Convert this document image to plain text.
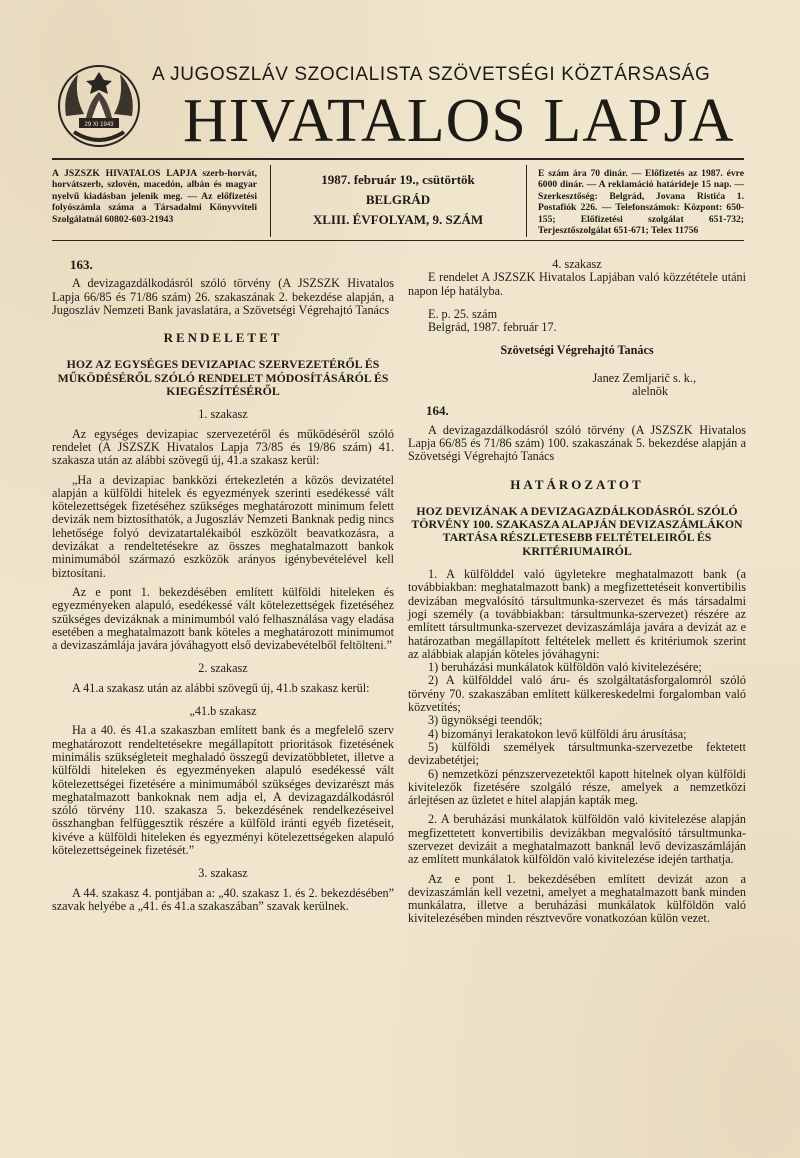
29 XI 1943
A JUGOSZLÁV SZOCIALISTA SZÖVETSÉGI KÖZTÁRSASÁG
HIVATALOS LAPJA
A JSZSZK HIVATALOS LAPJA szerb-horvát, horvátszerb, szlovén, macedón, albán és magyar nyelvű kiadásban jelenik meg. — Az előfizetési folyószámla száma a Társadalmi Könyvviteli Szolgálatnál 60802-603-21943
1987. február 19., csütörtök
BELGRÁD
XLIII. ÉVFOLYAM, 9. SZÁM
E szám ára 70 dinár. — Előfizetés az 1987. évre 6000 dinár. — A reklamáció határideje 15 nap. — Szerkesztőség: Belgrád, Jovana Ristića 1. Postafiók 226. — Telefonszámok: Központ: 650-155; Előfizetési szolgálat 651-732; Terjesztőszolgálat 651-671; Telex 11756
163.

A devizagazdálkodásról szóló törvény (A JSZSZK Hivatalos Lapja 66/85 és 71/86 szám) 26. szakaszának 2. bekezdése alapján, a Jugoszláv Nemzeti Bank javaslatára, a Szövetségi Végrehajtó Tanács

RENDELETET

HOZ AZ EGYSÉGES DEVIZAPIAC SZERVEZETÉRŐL ÉS MŰKÖDÉSÉRŐL SZÓLÓ RENDELET MÓDOSÍTÁSÁRÓL ÉS KIEGÉSZÍTÉSÉRŐL

1. szakasz

Az egységes devizapiac szervezetéről és működéséről szóló rendelet (A JSZSZK Hivatalos Lapja 73/85 és 19/86 szám) 41. szakasza után az alábbi szövegű új, 41.a szakasz kerül:

„Ha a devizapiac bankközi értekezletén a közös devizatétel alapján a külföldi hitelek és egyezmények szerinti esedékessé vált kötelezettségek fizetéséhez szükséges meghatározott minimum felett devizák nem biztosíthatók, a Jugoszláv Nemzeti Banknak pedig nincs lehetősége folyó devizatartalékaiból eszközölt beavatkozásra, a devizákat a rendeltetésekre az összes meghatalmazott bankok minimumából származó eszközök arányos igénybevételével kell biztosítani.

Az e pont 1. bekezdésében említett külföldi hiteleken és egyezményeken alapuló, esedékessé vált kötelezettségek fizetéséhez szükséges devizáknak a minimumból való felhasználása vagy eladása esetében a meghatalmazott bank köteles a meghatározott minimumot a devizaszámlája javára jóváhagyott első devizabevételből feltölteni.”

2. szakasz

A 41.a szakasz után az alábbi szövegű új, 41.b szakasz kerül:

„41.b szakasz

Ha a 40. és 41.a szakaszban említett bank és a megfelelő szerv meghatározott rendeltetésekre megállapított prioritások fizetésének minimális szükségleteit meghaladó összegű devizatöbbletet, illetve a külföldi hiteleken és egyezményeken alapuló esedékessé vált kötelezettségei fizetésére a minimumából szükséges devizarészt más meghatalmazott bankoknak nem adja el, A devizagazdálkodásról szóló törvény 110. szakasza 5. bekezdésének rendelkezéseivel összhangban felfüggesztik részére a külföld iránti egyéb fizetéseit, kivéve a külföldi hiteleken és egyezményi kötelezettségeken alapuló kötelezettségeinek fizetését.”

3. szakasz

A 44. szakasz 4. pontjában a: „40. szakasz 1. és 2. bekezdésében” szavak helyébe a „41. és 41.a szakaszában” szavak kerülnek.

4. szakasz

E rendelet A JSZSZK Hivatalos Lapjában való közzététele utáni napon lép hatályba.

E. p. 25. szám

Belgrád, 1987. február 17.

Szövetségi Végrehajtó Tanács

Janez Zemljarič s. k.,

alelnök

164.

A devizagazdálkodásról szóló törvény (A JSZSZK Hivatalos Lapja 66/85 és 71/86 szám) 100. szakaszának 5. bekezdése alapján a Szövetségi Végrehajtó Tanács

HATÁROZATOT

HOZ DEVIZÁNAK A DEVIZAGAZDÁLKODÁSRÓL SZÓLÓ TÖRVÉNY 100. SZAKASZA ALAPJÁN DEVIZASZÁMLÁKON TARTÁSA RÉSZLETESEBB FELTÉTELEIRŐL ÉS KRITÉRIUMAIRÓL

1. A külfölddel való ügyletekre meghatalmazott bank (a továbbiakban: meghatalmazott bank) a megfizettetéseit konvertibilis devizában megvalósító társultmunka-szervezet és más társadalmi jogi személy (a továbbiakban: társultmunka-szervezet) részére az említett társultmunka-szervezet devizaszámlája javára a devizát az e határozatban megállapított feltételek mellett és kritériumok szerint az alábbiak alapján köteles jóváhagyni:

1) beruházási munkálatok külföldön való kivitelezésére;

2) A külfölddel való áru- és szolgáltatásforgalomról szóló törvény 70. szakaszában említett külkereskedelmi forgalomban való közvetítés;

3) ügynökségi teendők;

4) bizományi lerakatokon levő külföldi áru árusítása;

5) külföldi személyek társultmunka-szervezetbe fektetett devizabetétjei;

6) nemzetközi pénzszervezetektől kapott hitelnek olyan külföldi kivitelezők fizetésére szolgáló része, amelyek a nemzetközi árlejtésen az üzletet e hitel alapján kapták meg.

2. A beruházási munkálatok külföldön való kivitelezése alapján megfizettetett konvertibilis devizákban megvalósító társultmunka-szervezet devizáit a meghatalmazott banknál levő devizaszámláján az említett munkálatok külföldön való kivitelezése idején tarthatja.

Az e pont 1. bekezdésében említett devizát azon a devizaszámlán kell vezetni, amelyet a meghatalmazott bank minden munkálatra, illetve a beruházási munkálatok külföldön való kivitelezésében minden résztvevőre vonatkozóan külön vezet.
